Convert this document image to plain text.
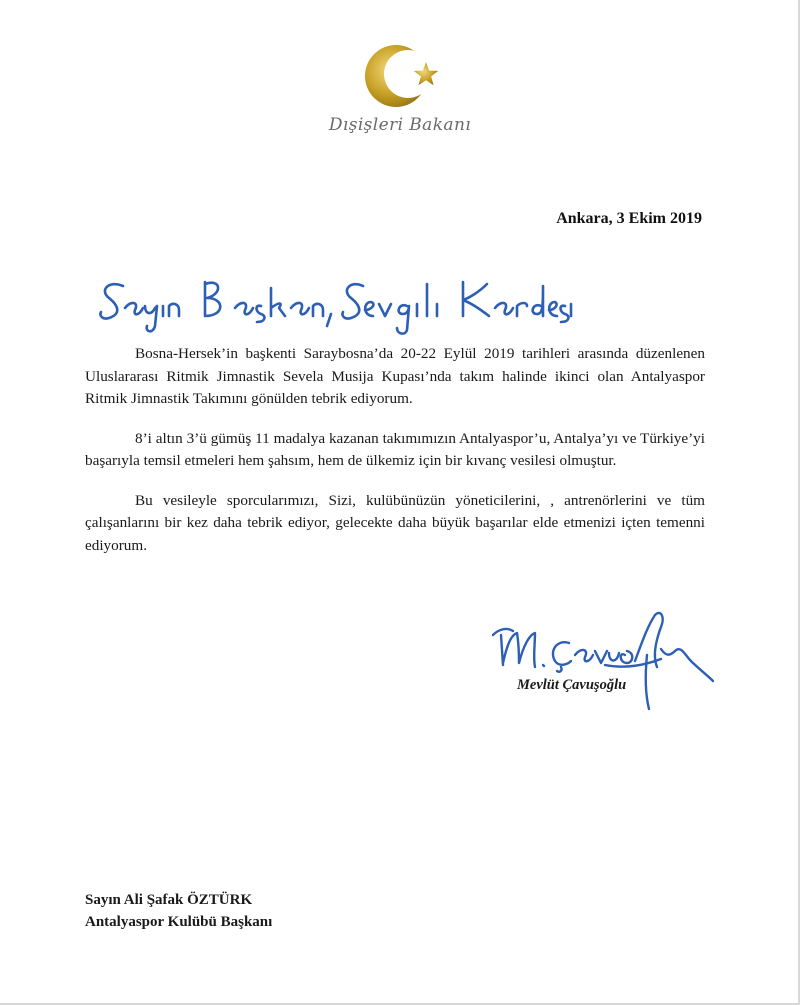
Dışişleri Bakanı
Ankara, 3 Ekim 2019

Bosna-Hersek’in başkenti Saraybosna’da 20-22 Eylül 2019 tarihleri arasında düzenlenen Uluslararası Ritmik Jimnastik Sevela Musija Kupası’nda takım halinde ikinci olan Antalyaspor Ritmik Jimnastik Takımını gönülden tebrik ediyorum.

8’i altın 3’ü gümüş 11 madalya kazanan takımımızın Antalyaspor’u, Antalya’yı ve Türkiye’yi başarıyla temsil etmeleri hem şahsım, hem de ülkemiz için bir kıvanç vesilesi olmuştur.

Bu vesileyle sporcularımızı, Sizi, kulübünüzün yöneticilerini, , antrenörlerini ve tüm çalışanlarını bir kez daha tebrik ediyor, gelecekte daha büyük başarılar elde etmenizi içten temenni ediyorum.

Mevlüt Çavuşoğlu
Sayın Ali Şafak ÖZTÜRK
Antalyaspor Kulübü Başkanı
